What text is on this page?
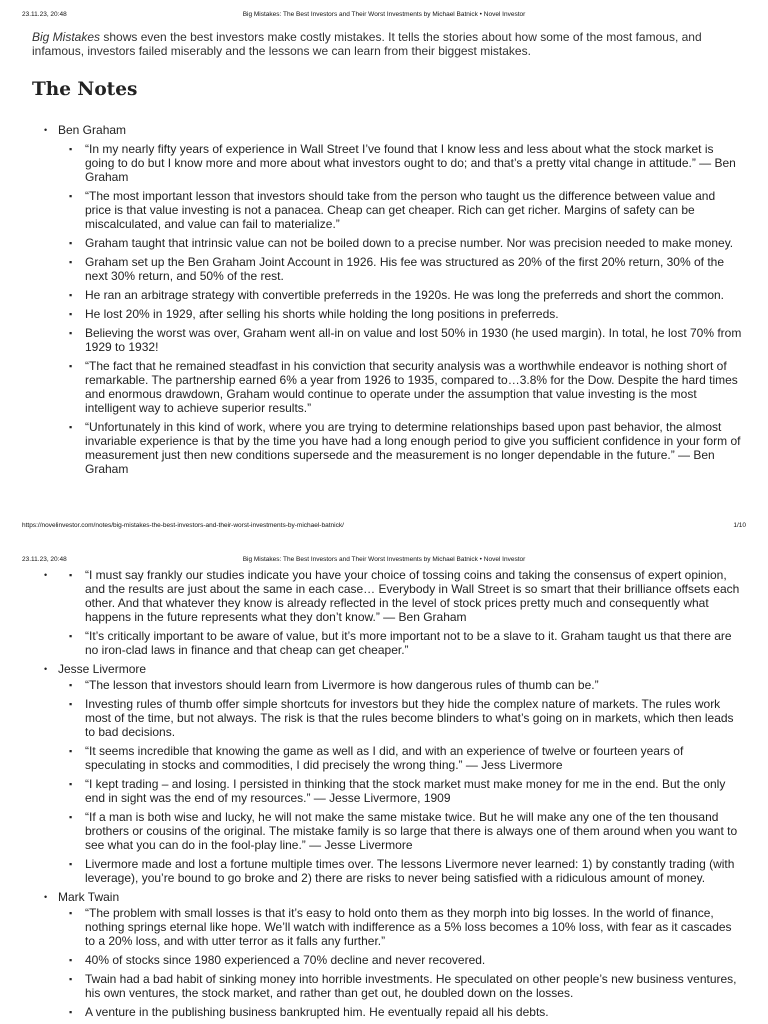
23.11.23, 20:48	Big Mistakes: The Best Investors and Their Worst Investments by Michael Batnick • Novel Investor

Big Mistakes shows even the best investors make costly mistakes. It tells the stories about how some of the most famous, and infamous, investors failed miserably and the lessons we can learn from their biggest mistakes.

The Notes
• Ben Graham
▪ “In my nearly fifty years of experience in Wall Street I’ve found that I know less and less about what the stock market is going to do but I know more and more about what investors ought to do; and that’s a pretty vital change in attitude.” — Ben Graham
▪ “The most important lesson that investors should take from the person who taught us the difference between value and price is that value investing is not a panacea. Cheap can get cheaper. Rich can get richer. Margins of safety can be miscalculated, and value can fail to materialize.”
▪ Graham taught that intrinsic value can not be boiled down to a precise number. Nor was precision needed to make money.
▪ Graham set up the Ben Graham Joint Account in 1926. His fee was structured as 20% of the first 20% return, 30% of the next 30% return, and 50% of the rest.
▪ He ran an arbitrage strategy with convertible preferreds in the 1920s. He was long the preferreds and short the common.
▪ He lost 20% in 1929, after selling his shorts while holding the long positions in preferreds.
▪ Believing the worst was over, Graham went all-in on value and lost 50% in 1930 (he used margin). In total, he lost 70% from 1929 to 1932!
▪ “The fact that he remained steadfast in his conviction that security analysis was a worthwhile endeavor is nothing short of remarkable. The partnership earned 6% a year from 1926 to 1935, compared to…3.8% for the Dow. Despite the hard times and enormous drawdown, Graham would continue to operate under the assumption that value investing is the most intelligent way to achieve superior results.”
▪ “Unfortunately in this kind of work, where you are trying to determine relationships based upon past behavior, the almost invariable experience is that by the time you have had a long enough period to give you sufficient confidence in your form of measurement just then new conditions supersede and the measurement is no longer dependable in the future.” — Ben Graham
https://novelinvestor.com/notes/big-mistakes-the-best-investors-and-their-worst-investments-by-michael-batnick/	1/10
23.11.23, 20:48	Big Mistakes: The Best Investors and Their Worst Investments by Michael Batnick • Novel Investor
▪ • “I must say frankly our studies indicate you have your choice of tossing coins and taking the consensus of expert opinion, and the results are just about the same in each case… Everybody in Wall Street is so smart that their brilliance offsets each other. And that whatever they know is already reflected in the level of stock prices pretty much and consequently what happens in the future represents what they don’t know.” — Ben Graham
▪ “It’s critically important to be aware of value, but it’s more important not to be a slave to it. Graham taught us that there are no iron-clad laws in finance and that cheap can get cheaper.”
• Jesse Livermore
▪ “The lesson that investors should learn from Livermore is how dangerous rules of thumb can be.”
▪ Investing rules of thumb offer simple shortcuts for investors but they hide the complex nature of markets. The rules work most of the time, but not always. The risk is that the rules become blinders to what’s going on in markets, which then leads to bad decisions.
▪ “It seems incredible that knowing the game as well as I did, and with an experience of twelve or fourteen years of speculating in stocks and commodities, I did precisely the wrong thing.” — Jess Livermore
▪ “I kept trading – and losing. I persisted in thinking that the stock market must make money for me in the end. But the only end in sight was the end of my resources.” — Jesse Livermore, 1909
▪ “If a man is both wise and lucky, he will not make the same mistake twice. But he will make any one of the ten thousand brothers or cousins of the original. The mistake family is so large that there is always one of them around when you want to see what you can do in the fool-play line.” — Jesse Livermore
▪ Livermore made and lost a fortune multiple times over. The lessons Livermore never learned: 1) by constantly trading (with leverage), you’re bound to go broke and 2) there are risks to never being satisfied with a ridiculous amount of money.
• Mark Twain
▪ “The problem with small losses is that it’s easy to hold onto them as they morph into big losses. In the world of finance, nothing springs eternal like hope. We’ll watch with indifference as a 5% loss becomes a 10% loss, with fear as it cascades to a 20% loss, and with utter terror as it falls any further.”
▪ 40% of stocks since 1980 experienced a 70% decline and never recovered.
▪ Twain had a bad habit of sinking money into horrible investments. He speculated on other people’s new business ventures, his own ventures, the stock market, and rather than get out, he doubled down on the losses.
▪ A venture in the publishing business bankrupted him. He eventually repaid all his debts.
